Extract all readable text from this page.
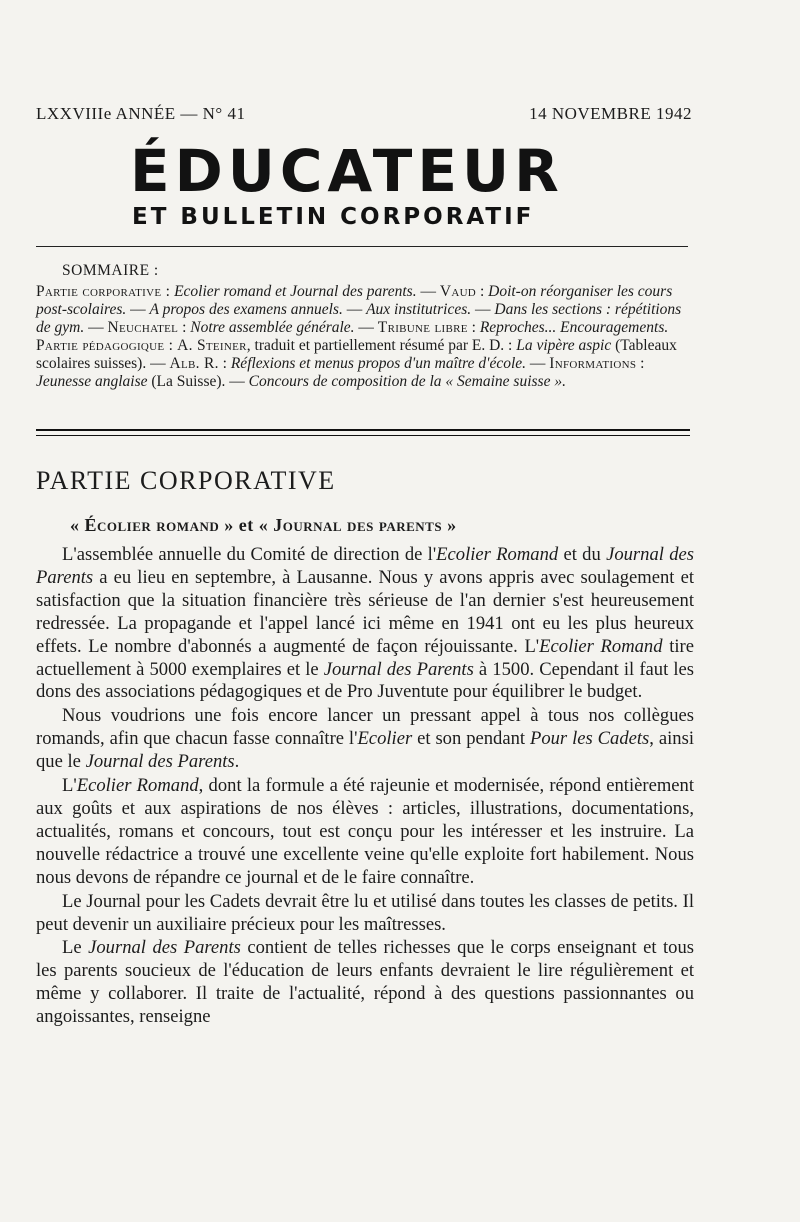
LXXVIIIe ANNÉE — N° 41	14 NOVEMBRE 1942
ÉDUCATEUR
ET BULLETIN CORPORATIF
SOMMAIRE :
Partie corporative : Ecolier romand et Journal des parents. — Vaud : Doit-on réorganiser les cours post-scolaires. — A propos des examens annuels. — Aux institutrices. — Dans les sections : répétitions de gym. — Neuchatel : Notre assemblée générale. — Tribune libre : Reproches... Encouragements.
Partie pédagogique : A. Steiner, traduit et partiellement résumé par E. D. : La vipère aspic (Tableaux scolaires suisses). — Alb. R. : Réflexions et menus propos d'un maître d'école. — Informations : Jeunesse anglaise (La Suisse). — Concours de composition de la « Semaine suisse ».
PARTIE CORPORATIVE
« Écolier romand » et « Journal des parents »

L'assemblée annuelle du Comité de direction de l'Ecolier Romand et du Journal des Parents a eu lieu en septembre, à Lausanne. Nous y avons appris avec soulagement et satisfaction que la situation financière très sérieuse de l'an dernier s'est heureusement redressée. La propagande et l'appel lancé ici même en 1941 ont eu les plus heureux effets. Le nombre d'abonnés a augmenté de façon réjouissante. L'Ecolier Romand tire actuellement à 5000 exemplaires et le Journal des Parents à 1500. Cependant il faut les dons des associations pédagogiques et de Pro Juventute pour équilibrer le budget.

Nous voudrions une fois encore lancer un pressant appel à tous nos collègues romands, afin que chacun fasse connaître l'Ecolier et son pendant Pour les Cadets, ainsi que le Journal des Parents.

L'Ecolier Romand, dont la formule a été rajeunie et modernisée, répond entièrement aux goûts et aux aspirations de nos élèves : articles, illustrations, documentations, actualités, romans et concours, tout est conçu pour les intéresser et les instruire. La nouvelle rédactrice a trouvé une excellente veine qu'elle exploite fort habilement. Nous nous devons de répandre ce journal et de le faire connaître.

Le Journal pour les Cadets devrait être lu et utilisé dans toutes les classes de petits. Il peut devenir un auxiliaire précieux pour les maîtresses.

Le Journal des Parents contient de telles richesses que le corps enseignant et tous les parents soucieux de l'éducation de leurs enfants devraient le lire régulièrement et même y collaborer. Il traite de l'actualité, répond à des questions passionnantes ou angoissantes, renseigne
